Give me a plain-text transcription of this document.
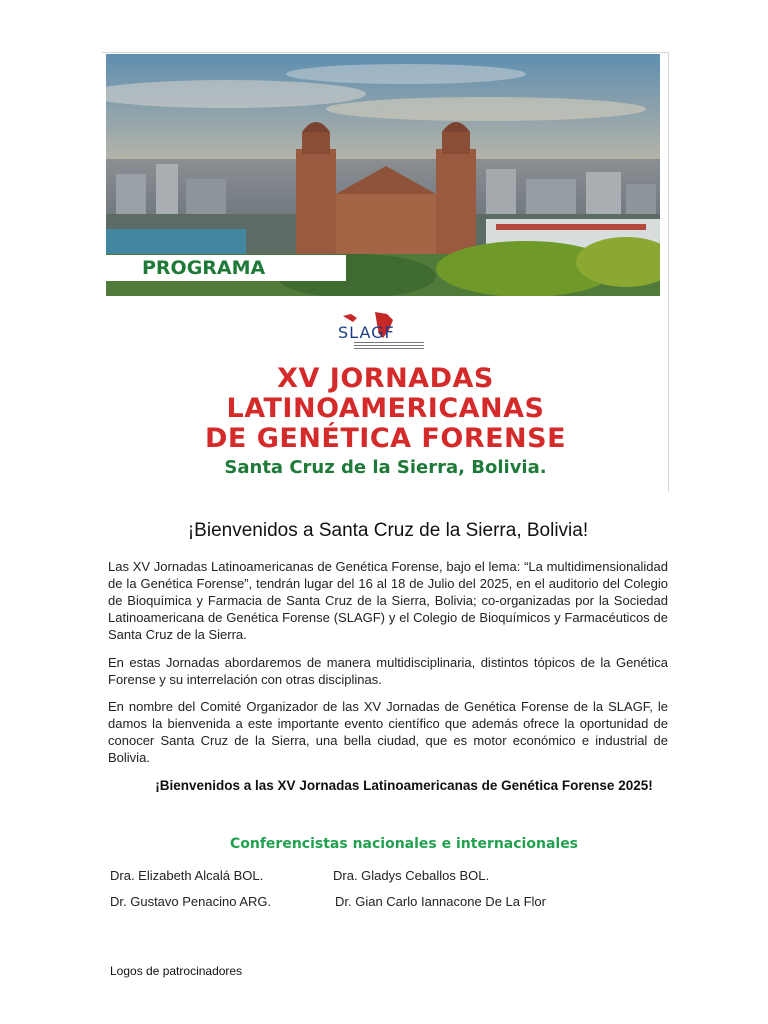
PROGRAMA
SLAGF
XV JORNADAS
LATINOAMERICANAS
DE GENÉTICA FORENSE
Santa Cruz de la Sierra, Bolivia.
¡Bienvenidos a Santa Cruz de la Sierra, Bolivia!

Las XV Jornadas Latinoamericanas de Genética Forense, bajo el lema: “La multidimensionalidad de la Genética Forense”, tendrán lugar del 16 al 18 de Julio del 2025, en el auditorio del Colegio de Bioquímica y Farmacia de Santa Cruz de la Sierra, Bolivia; co-organizadas por la Sociedad Latinoamericana de Genética Forense (SLAGF) y el Colegio de Bioquímicos y Farmacéuticos de Santa Cruz de la Sierra.

En estas Jornadas abordaremos de manera multidisciplinaria, distintos tópicos de la Genética Forense y su interrelación con otras disciplinas.

En nombre del Comité Organizador de las XV Jornadas de Genética Forense de la SLAGF, le damos la bienvenida a este importante evento científico que además ofrece la oportunidad de conocer Santa Cruz de la Sierra, una bella ciudad, que es motor económico e industrial de Bolivia.

¡Bienvenidos a las XV Jornadas Latinoamericanas de Genética Forense 2025!
Conferencistas nacionales e internacionales
Dra. Elizabeth Alcalá BOL.	Dra. Gladys Ceballos BOL.
Dr. Gustavo Penacino ARG.	Dr. Gian Carlo Iannacone De La Flor
Logos de patrocinadores
